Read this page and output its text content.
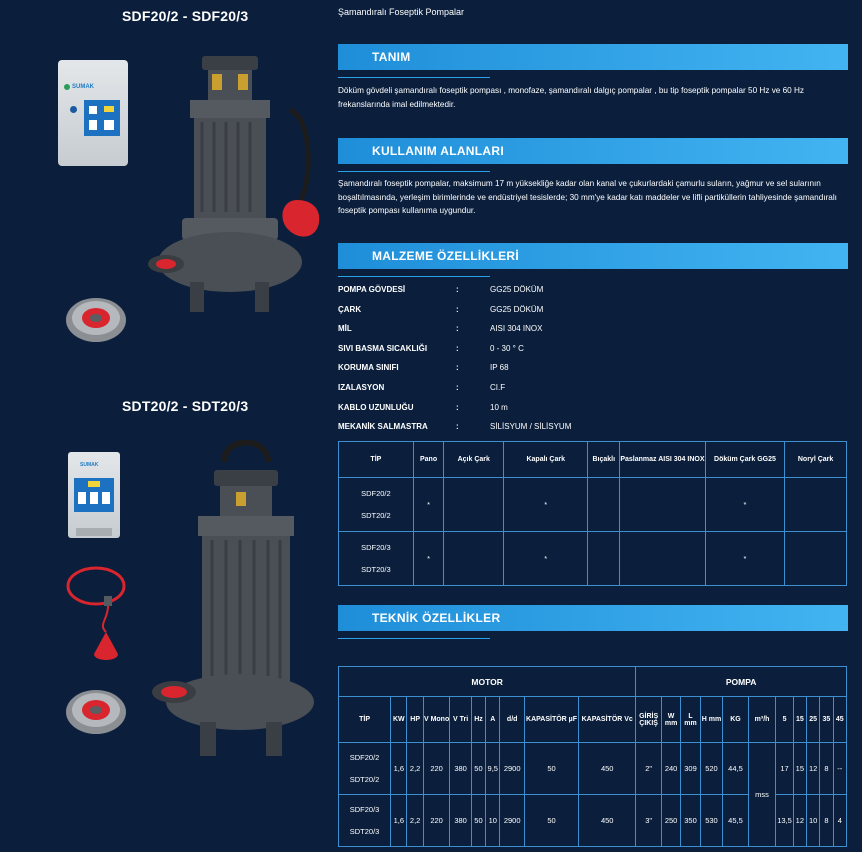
SDF20/2 - SDF20/3
SDT20/2 - SDT20/3
SUMAK
SUMAK
Şamandıralı Foseptik Pompalar
TANIM
Döküm gövdeli şamandıralı foseptik pompası , monofaze, şamandıralı dalgıç pompalar , bu tip foseptik pompalar 50 Hz ve 60 Hz frekanslarında imal edilmektedir.
KULLANIM ALANLARI
Şamandıralı foseptik pompalar, maksimum 17 m yüksekliğe kadar olan kanal ve çukurlardaki çamurlu suların, yağmur ve sel sularının boşaltılmasında, yerleşim birimlerinde ve endüstriyel tesislerde; 30 mm'ye kadar katı maddeler ve lifli partiküllerin tahliyesinde şamandıralı foseptik pompası kullanıma uygundur.
MALZEME ÖZELLİKLERİ
POMPA GÖVDESİ	:	GG25 DÖKÜM
ÇARK	:	GG25 DÖKÜM
MİL	:	AISI 304 INOX
SIVI BASMA SICAKLIĞI	:	0 - 30 ° C
KORUMA SINIFI	:	IP 68
IZALASYON	:	CI.F
KABLO UZUNLUĞU	:	10 m
MEKANİK SALMASTRA	:	SİLİSYUM / SİLİSYUM
TİP	Pano	Açık Çark	Kapalı Çark	Bıçaklı	Paslanmaz AISI 304 INOX	Döküm Çark GG25	Noryl Çark

SDF20/2
SDT20/2	*		*			*	

SDF20/3
SDT20/3	*		*			*	
TEKNİK ÖZELLİKLER
MOTOR										POMPA										
TİP	KW	HP	V Mono	V Tri	Hz	A	d/d	KAPASİTÖR µF	KAPASİTÖR Vc	GİRİŞ ÇIKIŞ	W mm	L mm	H mm	KG	m³/h	5	15	25	35	45

SDF20/2
SDT20/2	1,6	2,2	220	380	50	9,5	2900	50	450	2"	240	309	520	44,5	mss	17	15	12	8	--

SDF20/3
SDT20/3	1,6	2,2	220	380	50	10	2900	50	450	3"	250	350	530	45,5		13,5	12	10	8	4
